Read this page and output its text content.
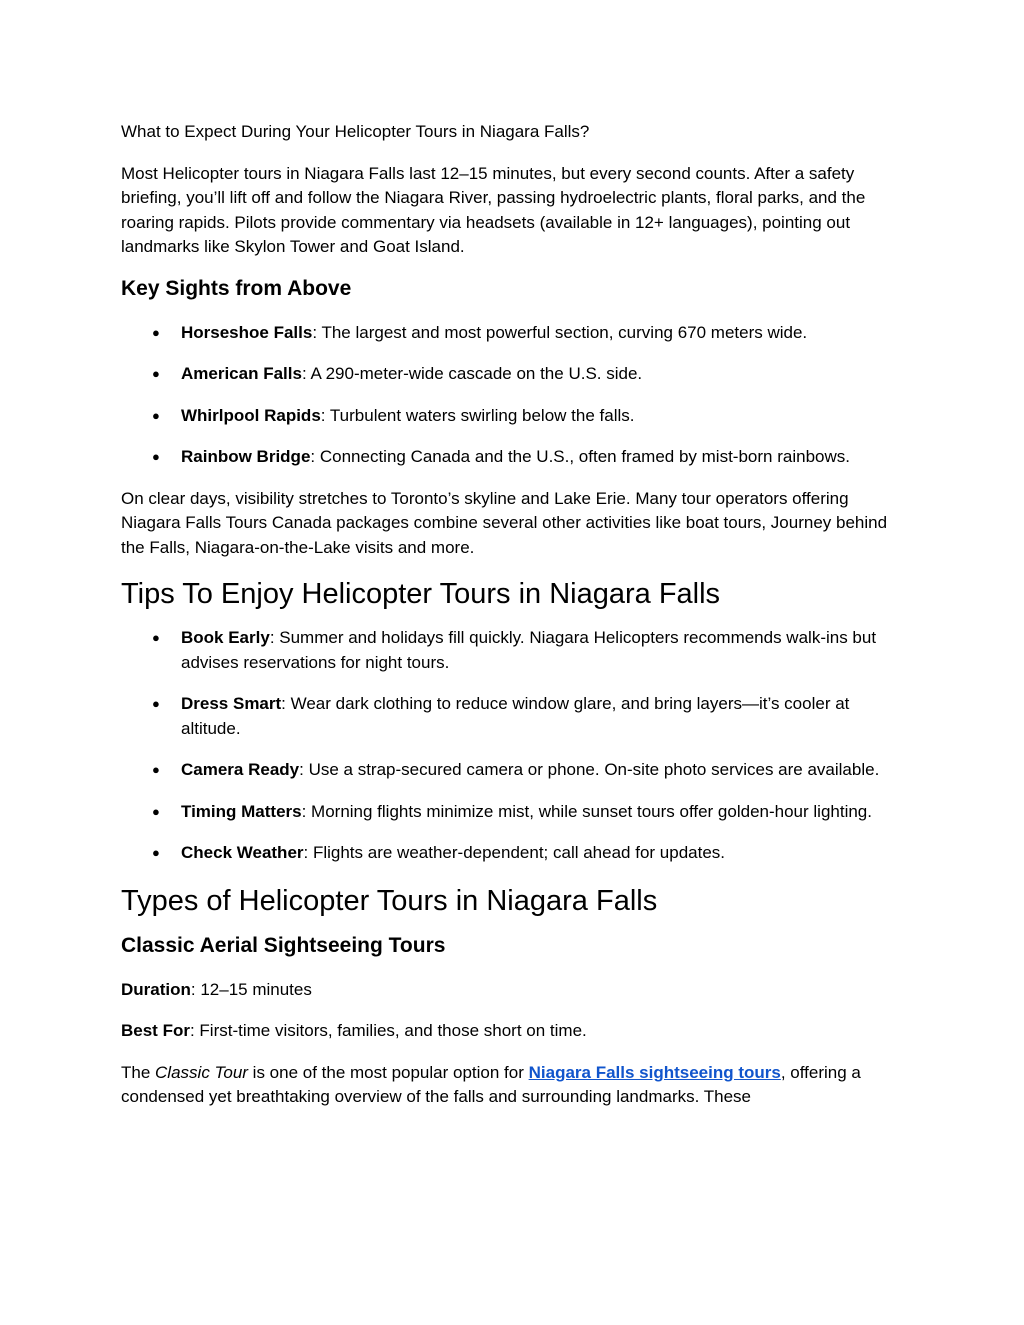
What to Expect During Your Helicopter Tours in Niagara Falls?

Most Helicopter tours in Niagara Falls last 12–15 minutes, but every second counts. After a safety briefing, you’ll lift off and follow the Niagara River, passing hydroelectric plants, floral parks, and the roaring rapids. Pilots provide commentary via headsets (available in 12+ languages), pointing out landmarks like Skylon Tower and Goat Island.

Key Sights from Above
● Horseshoe Falls: The largest and most powerful section, curving 670 meters wide.
● American Falls: A 290-meter-wide cascade on the U.S. side.
● Whirlpool Rapids: Turbulent waters swirling below the falls.
● Rainbow Bridge: Connecting Canada and the U.S., often framed by mist-born rainbows.

On clear days, visibility stretches to Toronto’s skyline and Lake Erie. Many tour operators offering Niagara Falls Tours Canada packages combine several other activities like boat tours, Journey behind the Falls, Niagara-on-the-Lake visits and more.

Tips To Enjoy Helicopter Tours in Niagara Falls
● Book Early: Summer and holidays fill quickly. Niagara Helicopters recommends walk-ins but advises reservations for night tours.
● Dress Smart: Wear dark clothing to reduce window glare, and bring layers—it’s cooler at altitude.
● Camera Ready: Use a strap-secured camera or phone. On-site photo services are available.
● Timing Matters: Morning flights minimize mist, while sunset tours offer golden-hour lighting.
● Check Weather: Flights are weather-dependent; call ahead for updates.
Types of Helicopter Tours in Niagara Falls
Classic Aerial Sightseeing Tours

Duration: 12–15 minutes

Best For: First-time visitors, families, and those short on time.

The Classic Tour is one of the most popular option for Niagara Falls sightseeing tours, offering a condensed yet breathtaking overview of the falls and surrounding landmarks. These
